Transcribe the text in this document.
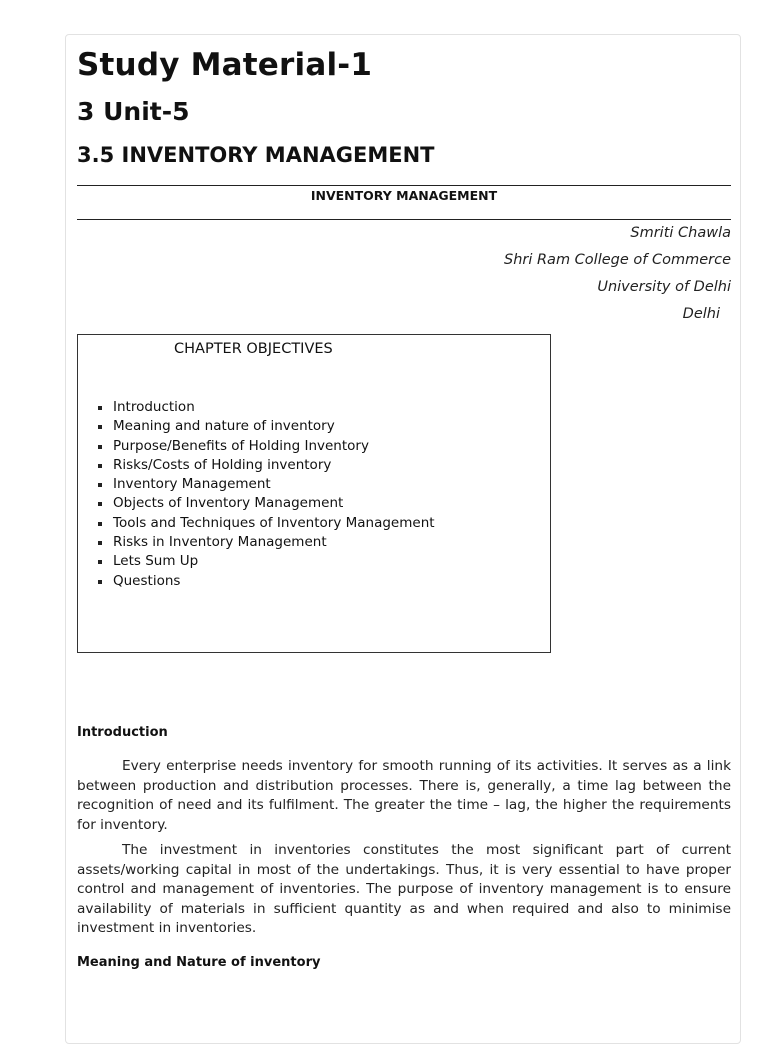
Study Material-1
3 Unit-5
3.5 INVENTORY MANAGEMENT
INVENTORY MANAGEMENT
Smriti Chawla
Shri Ram College of Commerce
University of Delhi
Delhi
CHAPTER OBJECTIVES
Introduction
Meaning and nature of inventory
Purpose/Benefits of Holding Inventory
Risks/Costs of Holding inventory
Inventory Management
Objects of Inventory Management
Tools and Techniques of Inventory Management
Risks in Inventory Management
Lets Sum Up
Questions
Introduction

Every enterprise needs inventory for smooth running of its activities. It serves as a link between production and distribution processes. There is, generally, a time lag between the recognition of need and its fulfilment. The greater the time – lag, the higher the requirements for inventory.

The investment in inventories constitutes the most significant part of current assets/working capital in most of the undertakings. Thus, it is very essential to have proper control and management of inventories. The purpose of inventory management is to ensure availability of materials in sufficient quantity as and when required and also to minimise investment in inventories.

Meaning and Nature of inventory
